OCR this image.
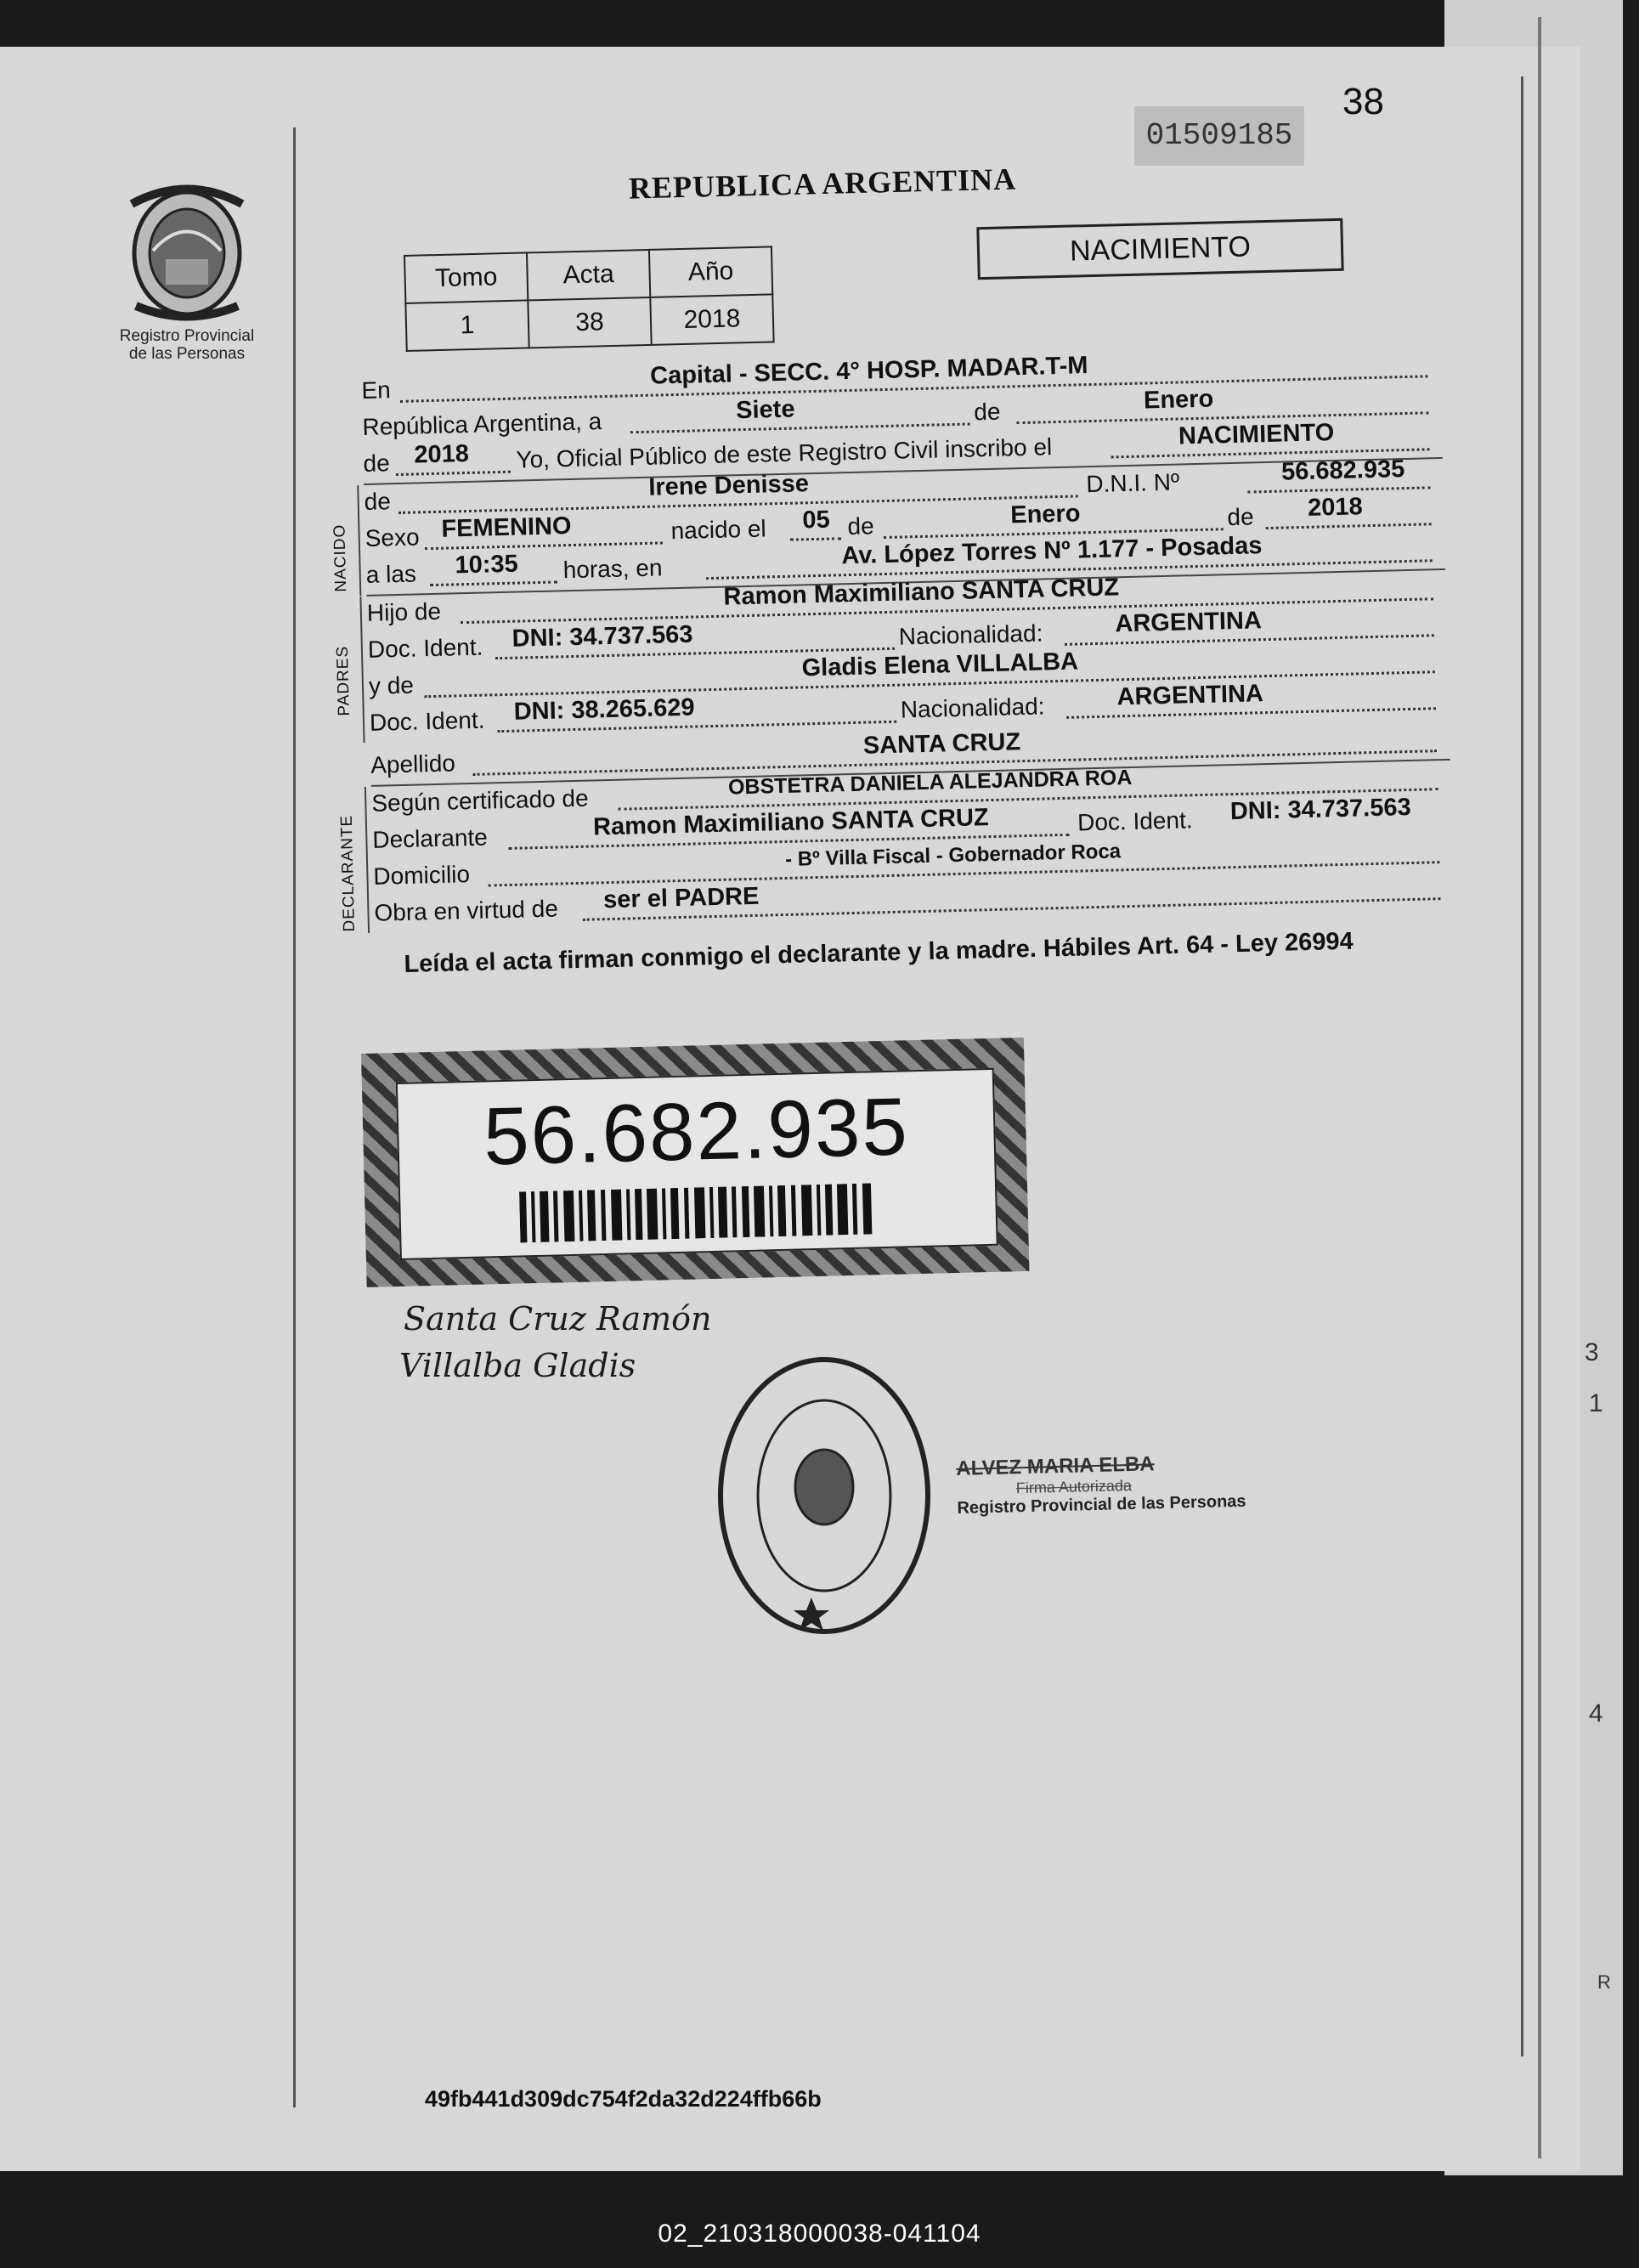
3
1
4
R
Registro Provincial
de las Personas
38
01509185
REPUBLICA ARGENTINA
NACIMIENTO
Tomo	Acta	Año
1	38	2018
En
Capital - SECC. 4° HOSP. MADAR.T-M
República Argentina, a	Siete	de	Enero
de 2018 Yo, Oficial Público de este Registro Civil inscribo el	NACIMIENTO
NACIDO
de
Irene Denisse	D.N.I. Nº	56.682.935
Sexo FEMENINO	nacido el 05 de	Enero	de 2018
a las 10:35 horas, en	Av. López Torres Nº 1.177 - Posadas
PADRES
Hijo de
Ramon Maximiliano SANTA CRUZ
Doc. Ident. DNI: 34.737.563	Nacionalidad:	ARGENTINA
y de
Gladis Elena VILLALBA
Doc. Ident. DNI: 38.265.629	Nacionalidad:	ARGENTINA
Apellido
SANTA CRUZ
DECLARANTE
Según certificado de
OBSTETRA DANIELA ALEJANDRA ROA
Declarante	Ramon Maximiliano SANTA CRUZ	Doc. Ident. DNI: 34.737.563
Domicilio
- Bº Villa Fiscal - Gobernador Roca
Obra en virtud de ser el PADRE
Leída el acta firman conmigo el declarante y la madre. Hábiles Art. 64 - Ley 26994
56.682.935
Santa Cruz Ramón
Villalba Gladis
ALVEZ MARIA ELBA
Firma Autorizada
Registro Provincial de las Personas
49fb441d309dc754f2da32d224ffb66b
02_210318000038-041104
